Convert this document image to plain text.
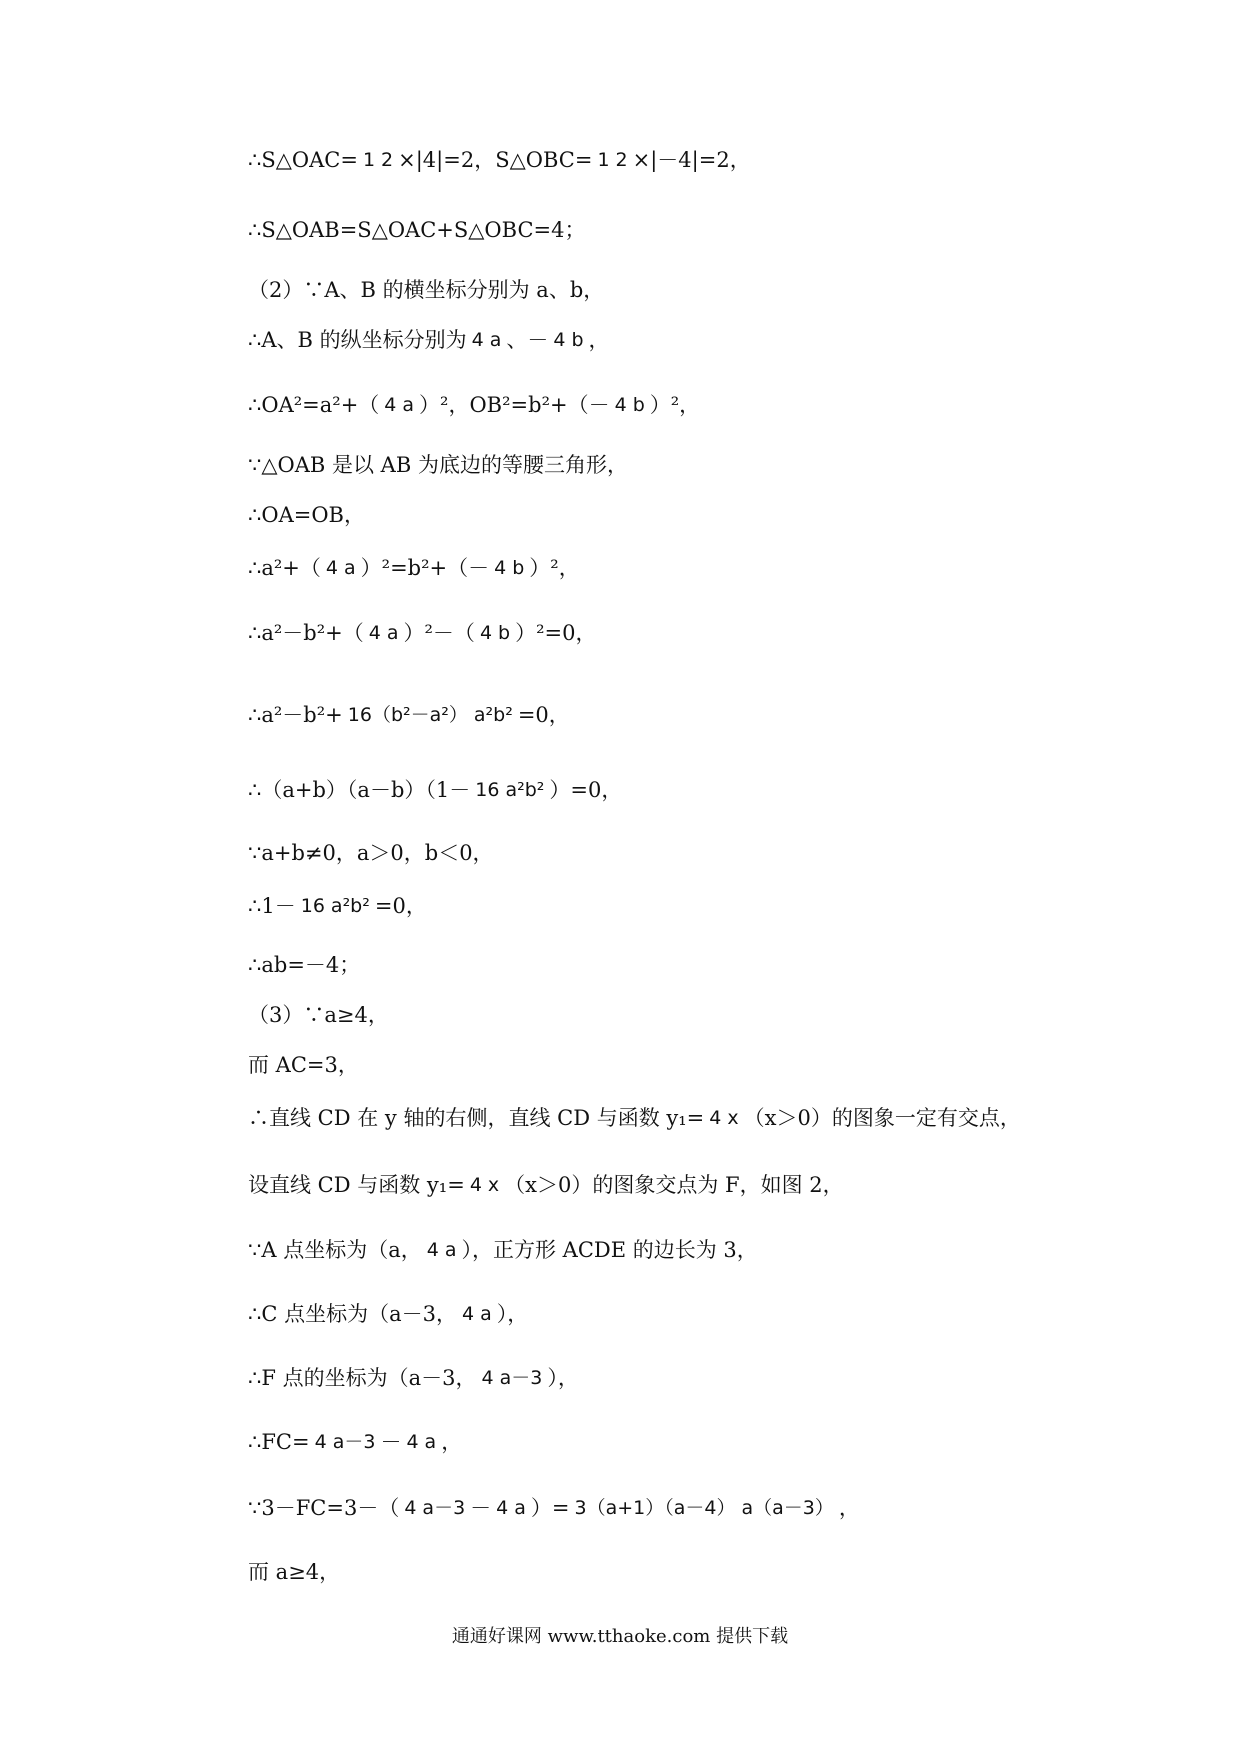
∴S△OAC= 1 2 ×|4|=2，S△OBC= 1 2 ×|－4|=2，
∴S△OAB=S△OAC+S△OBC=4；
（2）∵A、B 的横坐标分别为 a、b，
∴A、B 的纵坐标分别为 4 a 、－ 4 b ，
∴OA²=a²+（ 4 a ）²，OB²=b²+（－ 4 b ）²，
∵△OAB 是以 AB 为底边的等腰三角形，
∴OA=OB，
∴a²+（ 4 a ）²=b²+（－ 4 b ）²，
∴a²－b²+（ 4 a ）²－（ 4 b ）²=0，
∴a²－b²+ 16（b²－a²） a²b² =0，
∴（a+b）（a－b）（1－ 16 a²b² ）=0，
∵a+b≠0，a＞0，b＜0，
∴1－ 16 a²b² =0，
∴ab=－4；
（3）∵a≥4，
而 AC=3，
∴直线 CD 在 y 轴的右侧，直线 CD 与函数 y₁= 4 x （x＞0）的图象一定有交点，
设直线 CD 与函数 y₁= 4 x （x＞0）的图象交点为 F，如图 2，
∵A 点坐标为（a， 4 a ），正方形 ACDE 的边长为 3，
∴C 点坐标为（a－3， 4 a ），
∴F 点的坐标为（a－3， 4 a－3 ），
∴FC= 4 a－3 － 4 a ，
∵3－FC=3－（ 4 a－3 － 4 a ）= 3（a+1）（a－4） a（a－3） ，
而 a≥4，
通通好课网 www.tthaoke.com 提供下载
